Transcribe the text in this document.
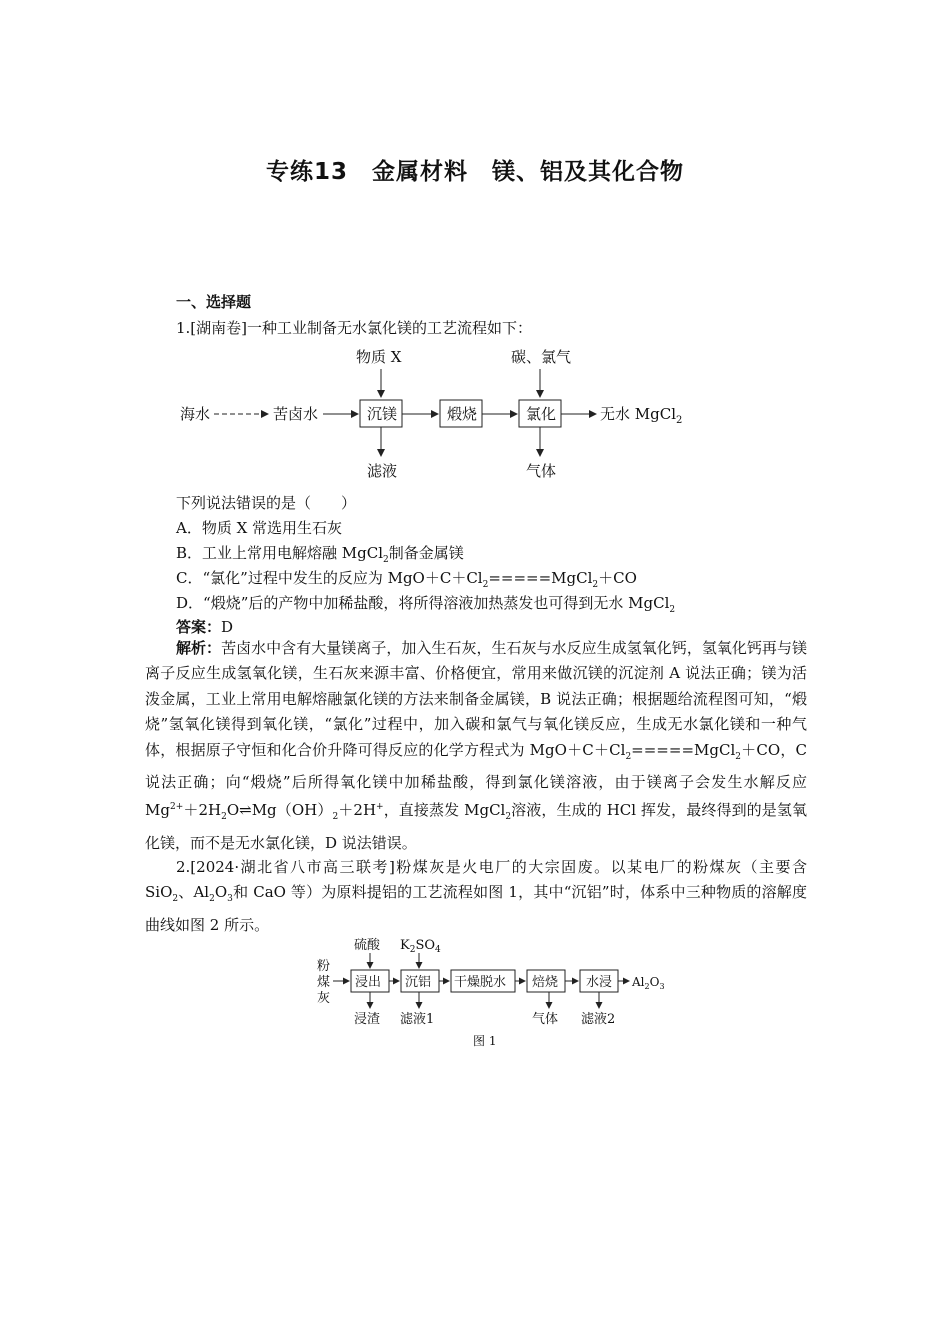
专练13　金属材料　镁、铝及其化合物
一、选择题
1.[湖南卷]一种工业制备无水氯化镁的工艺流程如下：
海水	苦卤水
物质 X
沉镁
滤液
煅烧
碳、氯气
氯化
气体
无水 MgCl$_2$
下列说法错误的是（　　）
A．物质 X 常选用生石灰
B．工业上常用电解熔融 MgCl$_2$制备金属镁
C．“氯化”过程中发生的反应为 $MgO+C+Cl_2=====MgCl_2+CO$
D．“煅烧”后的产物中加稀盐酸，将所得溶液加热蒸发也可得到无水 MgCl$_2$
答案：D
解析：苦卤水中含有大量镁离子，加入生石灰，生石灰与水反应生成氢氧化钙，氢氧化钙再与镁离子反应生成氢氧化镁，生石灰来源丰富、价格便宜，常用来做沉镁的沉淀剂 A 说法正确；镁为活泼金属，工业上常用电解熔融氯化镁的方法来制备金属镁，B 说法正确；根据题给流程图可知，“煅烧”氢氧化镁得到氧化镁，“氯化”过程中，加入碳和氯气与氧化镁反应，生成无水氯化镁和一种气体，根据原子守恒和化合价升降可得反应的化学方程式为 $MgO+C+Cl_2=====MgCl_2+CO$，C 说法正确；向“煅烧”后所得氧化镁中加稀盐酸，得到氯化镁溶液，由于镁离子会发生水解反应 $Mg^{2+}+2H_2O\rightleftharpoons Mg(OH)_2+2H^+$，直接蒸发 MgCl$_2$溶液，生成的 HCl 挥发，最终得到的是氢氧化镁，而不是无水氯化镁，D 说法错误。
2.[2024·湖北省八市高三联考]粉煤灰是火电厂的大宗固废。以某电厂的粉煤灰（主要含 SiO$_2$、$Al_2O_3$和 CaO 等）为原料提铝的工艺流程如图 1，其中“沉铝”时，体系中三种物质的溶解度曲线如图 2 所示。
粉
煤
灰
硫酸 $K_2SO_4$
浸出
浸渣
沉铝
滤液1
干燥脱水 焙烧
气体
水浸
滤液2
$Al_2O_3$
图 1
